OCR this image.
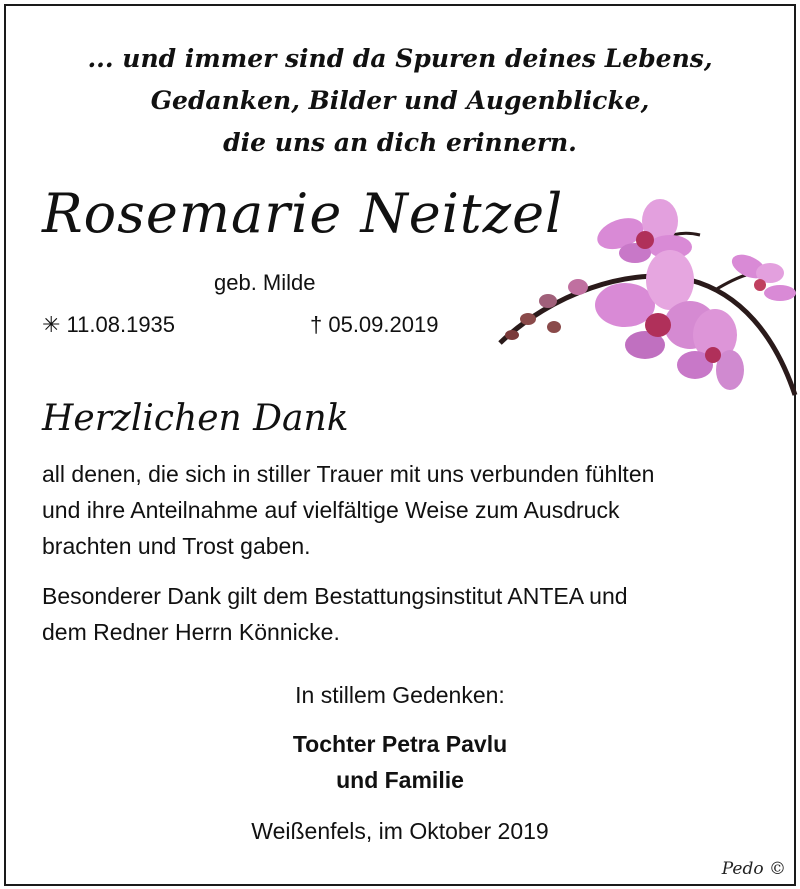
... und immer sind da Spuren deines Lebens,
Gedanken, Bilder und Augenblicke,
die uns an dich erinnern.
Rosemarie Neitzel
geb. Milde
✳ 11.08.1935	† 05.09.2019
Herzlichen Dank
all denen, die sich in stiller Trauer mit uns verbunden fühlten
und ihre Anteilnahme auf vielfältige Weise zum Ausdruck
brachten und Trost gaben.
Besonderer Dank gilt dem Bestattungsinstitut ANTEA und
dem Redner Herrn Könnicke.
In stillem Gedenken:
Tochter Petra Pavlu
und Familie
Weißenfels, im Oktober 2019
Pedo ©
